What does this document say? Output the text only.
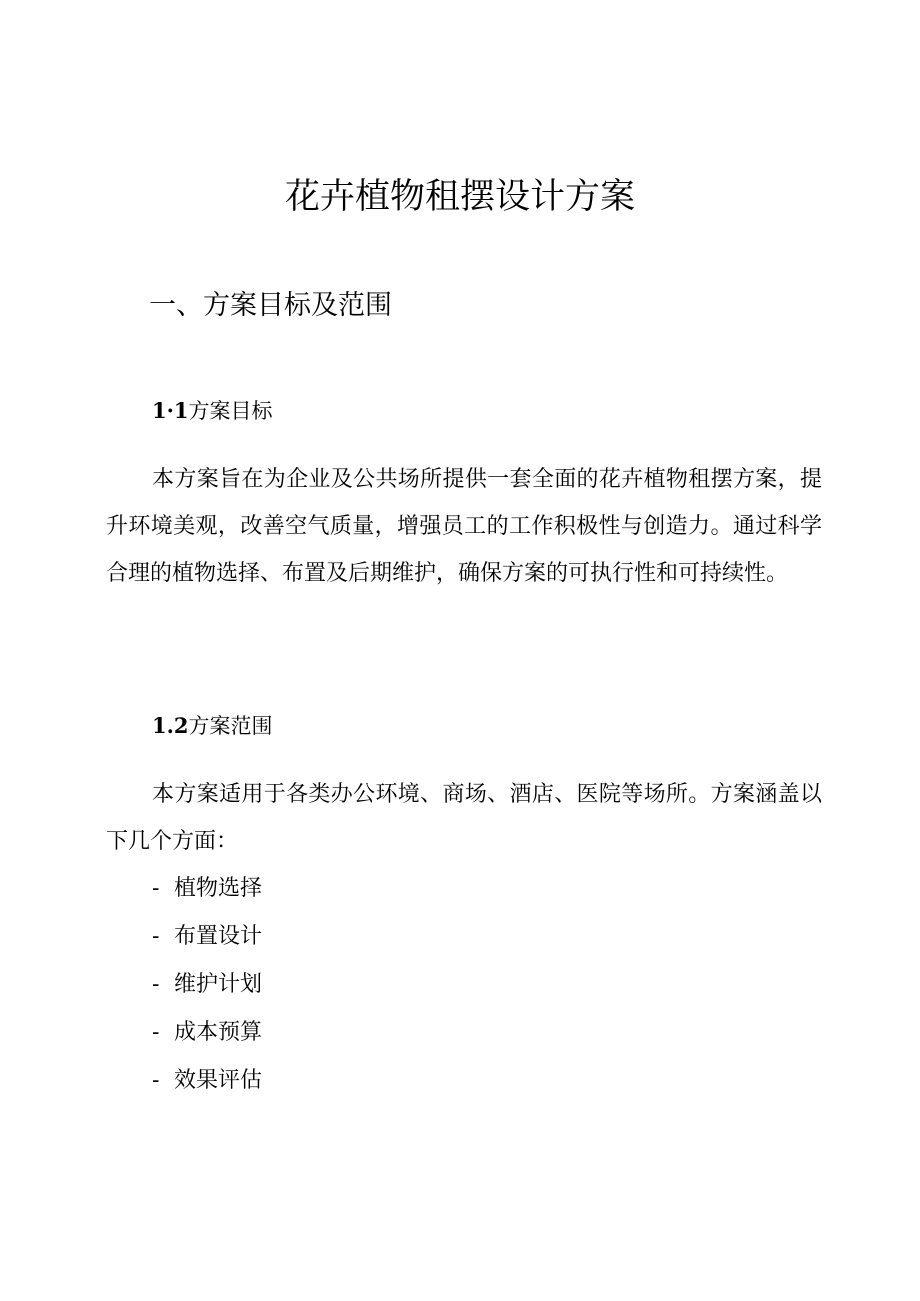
花卉植物租摆设计方案
一、方案目标及范围
1·1方案目标

本方案旨在为企业及公共场所提供一套全面的花卉植物租摆方案，提升环境美观，改善空气质量，增强员工的工作积极性与创造力。通过科学合理的植物选择、布置及后期维护，确保方案的可执行性和可持续性。

1.2方案范围

本方案适用于各类办公环境、商场、酒店、医院等场所。方案涵盖以下几个方面：

- 植物选择
- 布置设计
- 维护计划
- 成本预算
- 效果评估
